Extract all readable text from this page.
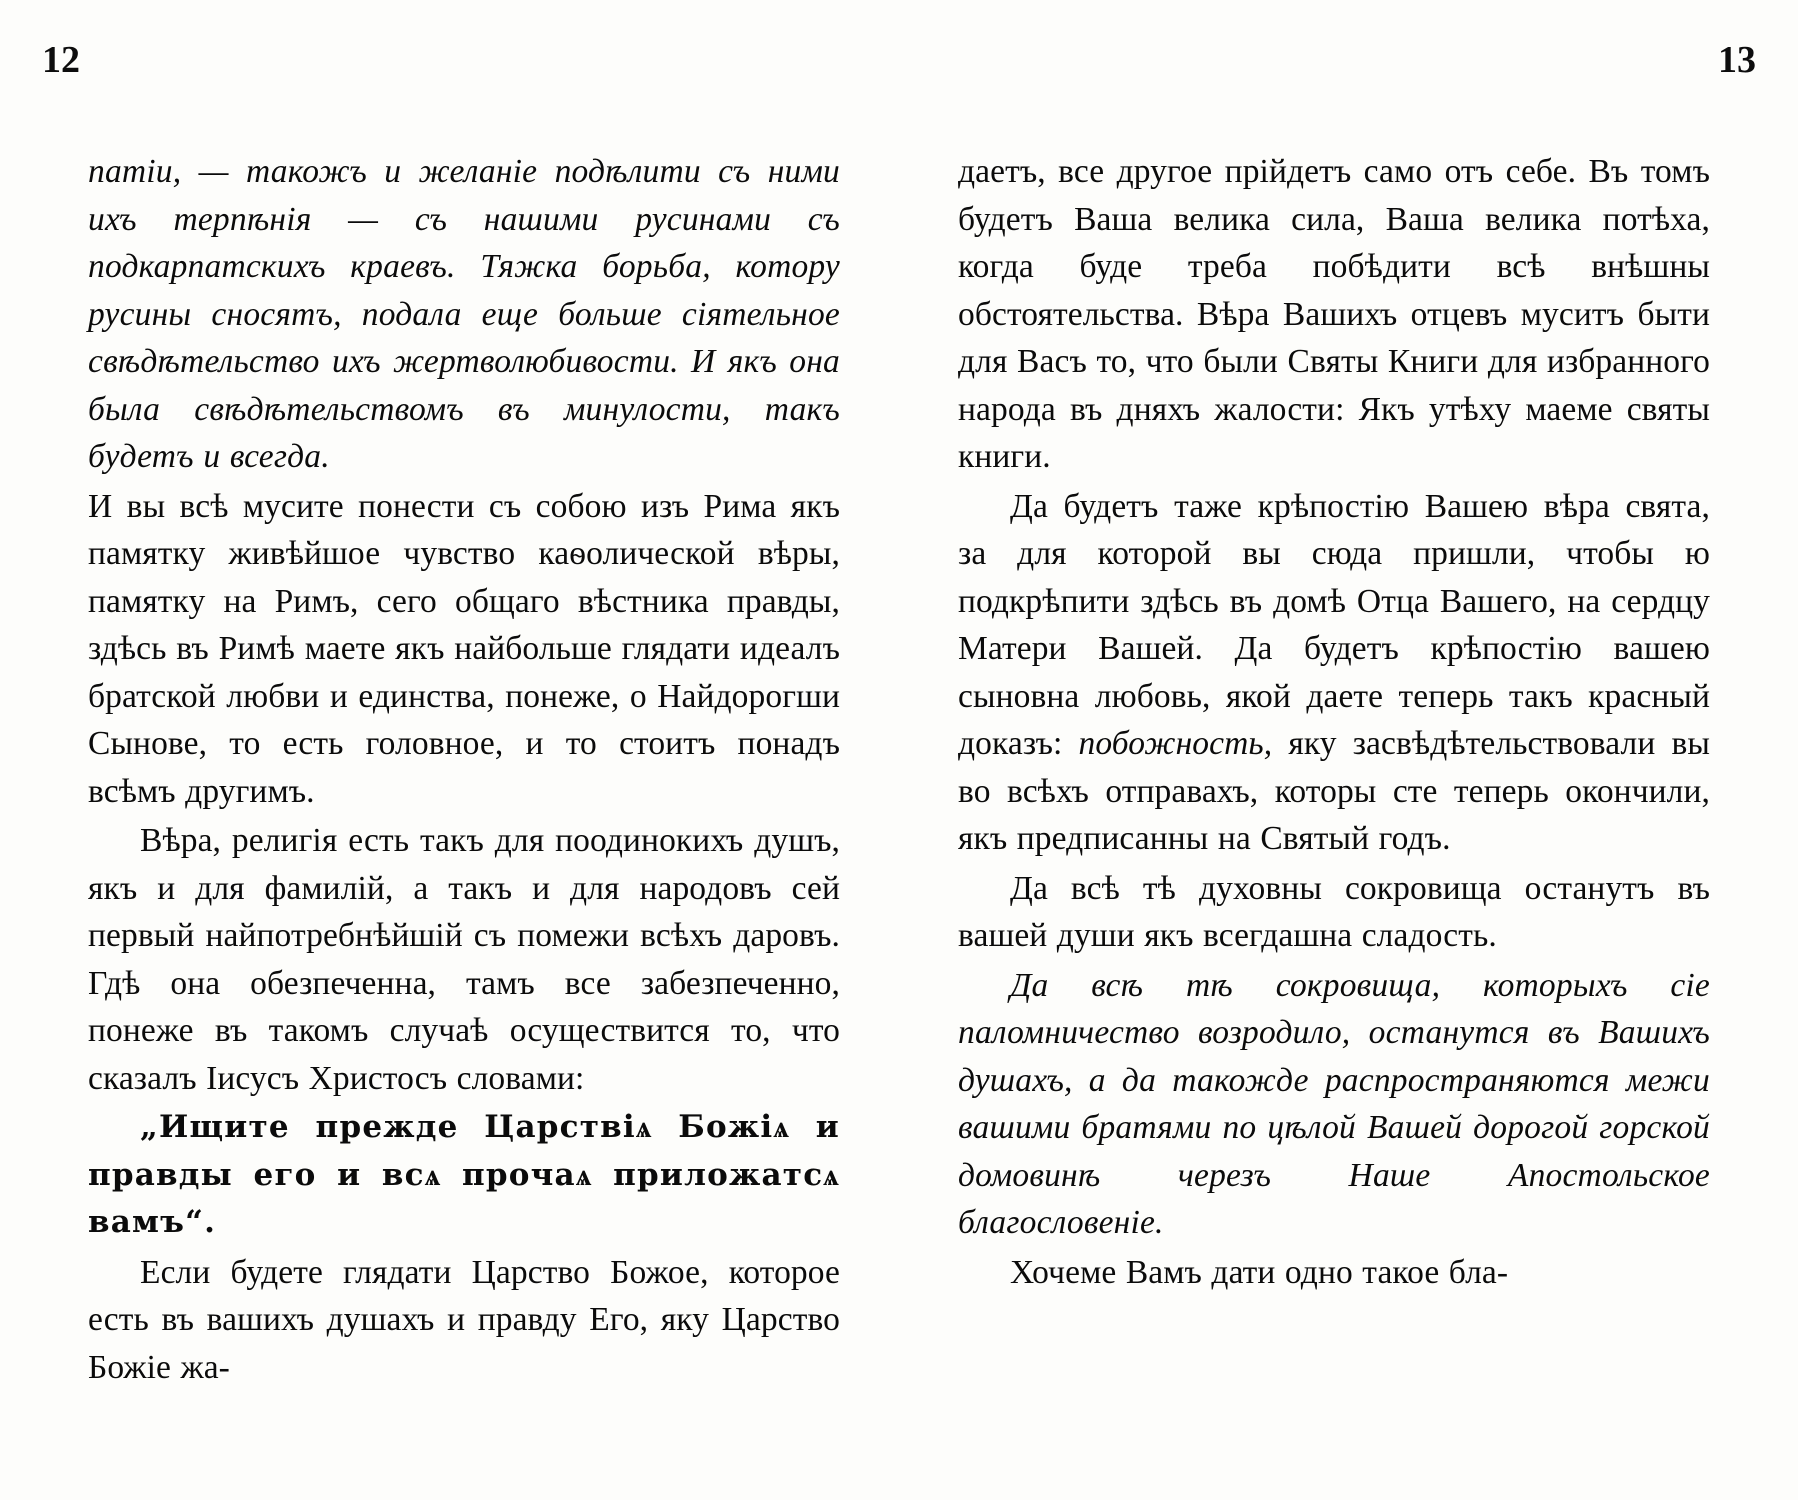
12	13

патіи, — такожъ и желаніе подѣлити съ ними ихъ терпѣнія — съ нашими русинами съ подкарпатскихъ краевъ. Тяжка борьба, котору русины сносятъ, подала еще больше сіятельное свѣдѣтельство ихъ жертволюбивости. И якъ она была свѣдѣтельствомъ въ минулости, такъ будетъ и всегда.

И вы всѣ мусите понести съ собою изъ Рима якъ памятку живѣйшое чувство каѳолической вѣры, памятку на Римъ, сего общаго вѣстника правды, здѣсь въ Римѣ маете якъ найбольше глядати идеалъ братской любви и единства, понеже, о Найдорогши Сынове, то есть головное, и то стоитъ понадъ всѣмъ другимъ.

Вѣра, религія есть такъ для поодинокихъ душъ, якъ и для фамилій, а такъ и для народовъ сей первый найпотребнѣйшій съ помежи всѣхъ даровъ. Гдѣ она обезпеченна, тамъ все забезпеченно, понеже въ такомъ случаѣ осуществится то, что сказалъ Іисусъ Христосъ словами:

„Ищите прежде Царствіѧ Божіѧ и правды его и всѧ прочаѧ приложатсѧ вамъ“.

Если будете глядати Царство Божое, которое есть въ вашихъ душахъ и правду Его, яку Царство Божіе жа-

даетъ, все другое прійдетъ само отъ себе. Въ томъ будетъ Ваша велика сила, Ваша велика потѣха, когда буде треба побѣдити всѣ внѣшны обстоятельства. Вѣра Вашихъ отцевъ муситъ быти для Васъ то, что были Святы Книги для избранного народа въ дняхъ жалости: Якъ утѣху маеме святы книги.

Да будетъ таже крѣпостію Вашею вѣра свята, за для которой вы сюда пришли, чтобы ю подкрѣпити здѣсь въ домѣ Отца Вашего, на сердцу Матери Вашей. Да будетъ крѣпостію вашею сыновна любовь, якой даете теперь такъ красный доказъ: побожность, яку засвѣдѣтельствовали вы во всѣхъ отправахъ, которы сте теперь окончили, якъ предписанны на Святый годъ.

Да всѣ тѣ духовны сокровища останутъ въ вашей души якъ всегдашна сладость.

Да всѣ тѣ сокровища, которыхъ сіе паломничество возродило, останутся въ Вашихъ душахъ, а да такожде распространяются межи вашими братями по цѣлой Вашей дорогой горской домовинѣ черезъ Наше Апостольское благословеніе.

Хочеме Вамъ дати одно такое бла-
